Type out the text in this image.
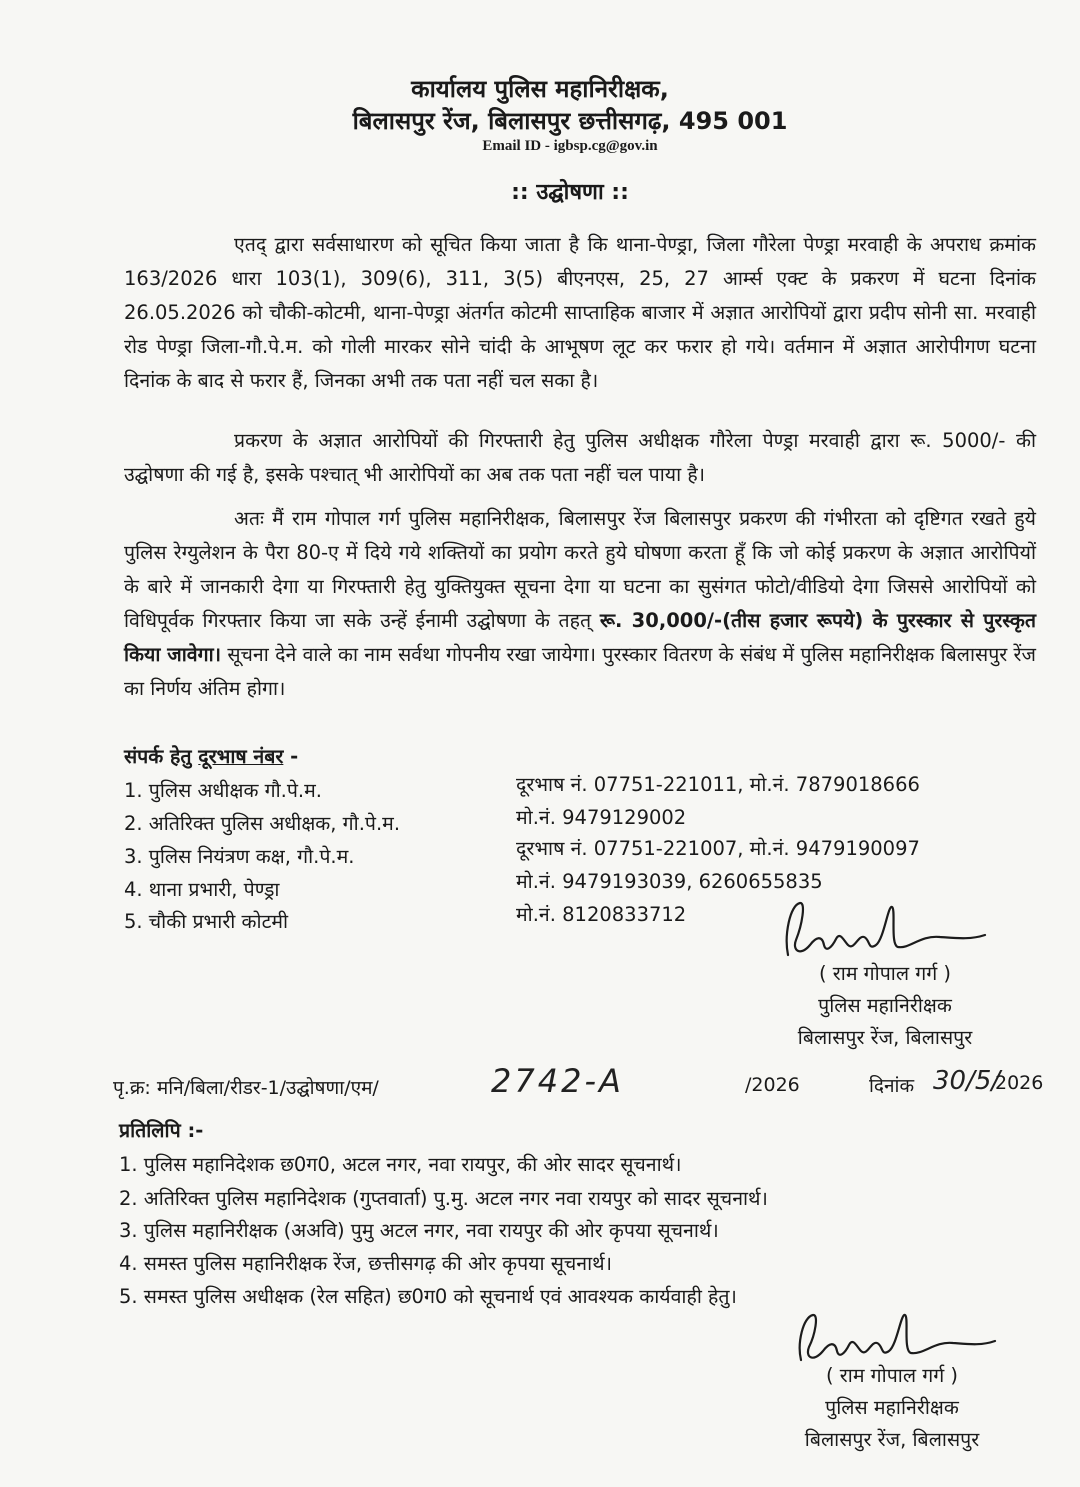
कार्यालय पुलिस महानिरीक्षक,
बिलासपुर रेंज, बिलासपुर छत्तीसगढ़, 495 001
Email ID - igbsp.cg@gov.in
:: उद्घोषणा ::
एतद् द्वारा सर्वसाधारण को सूचित किया जाता है कि थाना-पेण्ड्रा, जिला गौरेला पेण्ड्रा मरवाही के अपराध क्रमांक 163/2026 धारा 103(1), 309(6), 311, 3(5) बीएनएस, 25, 27 आर्म्स एक्ट के प्रकरण में घटना दिनांक 26.05.2026 को चौकी-कोटमी, थाना-पेण्ड्रा अंतर्गत कोटमी साप्ताहिक बाजार में अज्ञात आरोपियों द्वारा प्रदीप सोनी सा. मरवाही रोड पेण्ड्रा जिला-गौ.पे.म. को गोली मारकर सोने चांदी के आभूषण लूट कर फरार हो गये। वर्तमान में अज्ञात आरोपीगण घटना दिनांक के बाद से फरार हैं, जिनका अभी तक पता नहीं चल सका है।
प्रकरण के अज्ञात आरोपियों की गिरफ्तारी हेतु पुलिस अधीक्षक गौरेला पेण्ड्रा मरवाही द्वारा रू. 5000/- की उद्घोषणा की गई है, इसके पश्चात् भी आरोपियों का अब तक पता नहीं चल पाया है।
अतः मैं राम गोपाल गर्ग पुलिस महानिरीक्षक, बिलासपुर रेंज बिलासपुर प्रकरण की गंभीरता को दृष्टिगत रखते हुये पुलिस रेग्युलेशन के पैरा 80-ए में दिये गये शक्तियों का प्रयोग करते हुये घोषणा करता हूँ कि जो कोई प्रकरण के अज्ञात आरोपियों के बारे में जानकारी देगा या गिरफ्तारी हेतु युक्तियुक्त सूचना देगा या घटना का सुसंगत फोटो/वीडियो देगा जिससे आरोपियों को विधिपूर्वक गिरफ्तार किया जा सके उन्हें ईनामी उद्घोषणा के तहत् रू. 30,000/-(तीस हजार रूपये) के पुरस्कार से पुरस्कृत किया जावेगा। सूचना देने वाले का नाम सर्वथा गोपनीय रखा जायेगा। पुरस्कार वितरण के संबंध में पुलिस महानिरीक्षक बिलासपुर रेंज का निर्णय अंतिम होगा।
संपर्क हेतु दूरभाष नंबर -
1. पुलिस अधीक्षक गौ.पे.म.	दूरभाष नं. 07751-221011, मो.नं. 7879018666
2. अतिरिक्त पुलिस अधीक्षक, गौ.पे.म.	मो.नं. 9479129002
3. पुलिस नियंत्रण कक्ष, गौ.पे.म.	दूरभाष नं. 07751-221007, मो.नं. 9479190097
4. थाना प्रभारी, पेण्ड्रा	मो.नं. 9479193039, 6260655835
5. चौकी प्रभारी कोटमी	मो.नं. 8120833712
( राम गोपाल गर्ग )
पुलिस महानिरीक्षक
बिलासपुर रेंज, बिलासपुर
पृ.क्र: मनि/बिला/रीडर-1/उद्घोषणा/एम/	2742-A	/2026	दिनांक 30/5/
2026
प्रतिलिपि :-
1. पुलिस महानिदेशक छ0ग0, अटल नगर, नवा रायपुर, की ओर सादर सूचनार्थ।
2. अतिरिक्त पुलिस महानिदेशक (गुप्तवार्ता) पु.मु. अटल नगर नवा रायपुर को सादर सूचनार्थ।
3. पुलिस महानिरीक्षक (अअवि) पुमु अटल नगर, नवा रायपुर की ओर कृपया सूचनार्थ।
4. समस्त पुलिस महानिरीक्षक रेंज, छत्तीसगढ़ की ओर कृपया सूचनार्थ।
5. समस्त पुलिस अधीक्षक (रेल सहित) छ0ग0 को सूचनार्थ एवं आवश्यक कार्यवाही हेतु।
( राम गोपाल गर्ग )
पुलिस महानिरीक्षक
बिलासपुर रेंज, बिलासपुर
